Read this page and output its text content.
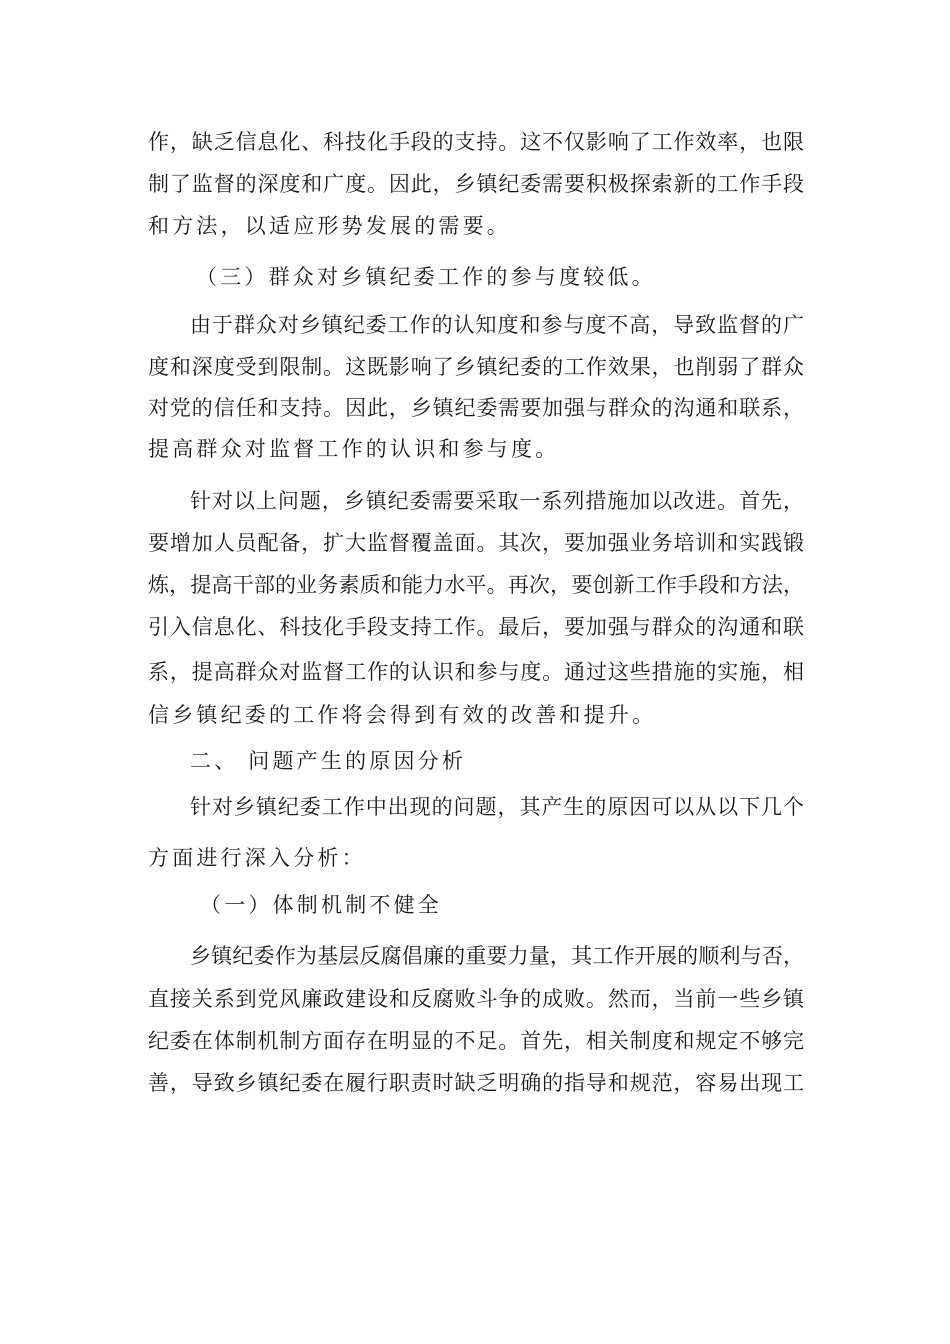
作，缺乏信息化、科技化手段的支持。这不仅影响了工作效率，也限
制了监督的深度和广度。因此，乡镇纪委需要积极探索新的工作手段
和方法，以适应形势发展的需要。
（三）群众对乡镇纪委工作的参与度较低。
由于群众对乡镇纪委工作的认知度和参与度不高，导致监督的广
度和深度受到限制。这既影响了乡镇纪委的工作效果，也削弱了群众
对党的信任和支持。因此，乡镇纪委需要加强与群众的沟通和联系，
提高群众对监督工作的认识和参与度。
针对以上问题，乡镇纪委需要采取一系列措施加以改进。首先，
要增加人员配备，扩大监督覆盖面。其次，要加强业务培训和实践锻
炼，提高干部的业务素质和能力水平。再次，要创新工作手段和方法，
引入信息化、科技化手段支持工作。最后，要加强与群众的沟通和联
系，提高群众对监督工作的认识和参与度。通过这些措施的实施，相
信乡镇纪委的工作将会得到有效的改善和提升。
二、 问题产生的原因分析
针对乡镇纪委工作中出现的问题，其产生的原因可以从以下几个
方面进行深入分析：
（一）体制机制不健全
乡镇纪委作为基层反腐倡廉的重要力量，其工作开展的顺利与否，
直接关系到党风廉政建设和反腐败斗争的成败。然而，当前一些乡镇
纪委在体制机制方面存在明显的不足。首先，相关制度和规定不够完
善，导致乡镇纪委在履行职责时缺乏明确的指导和规范，容易出现工
